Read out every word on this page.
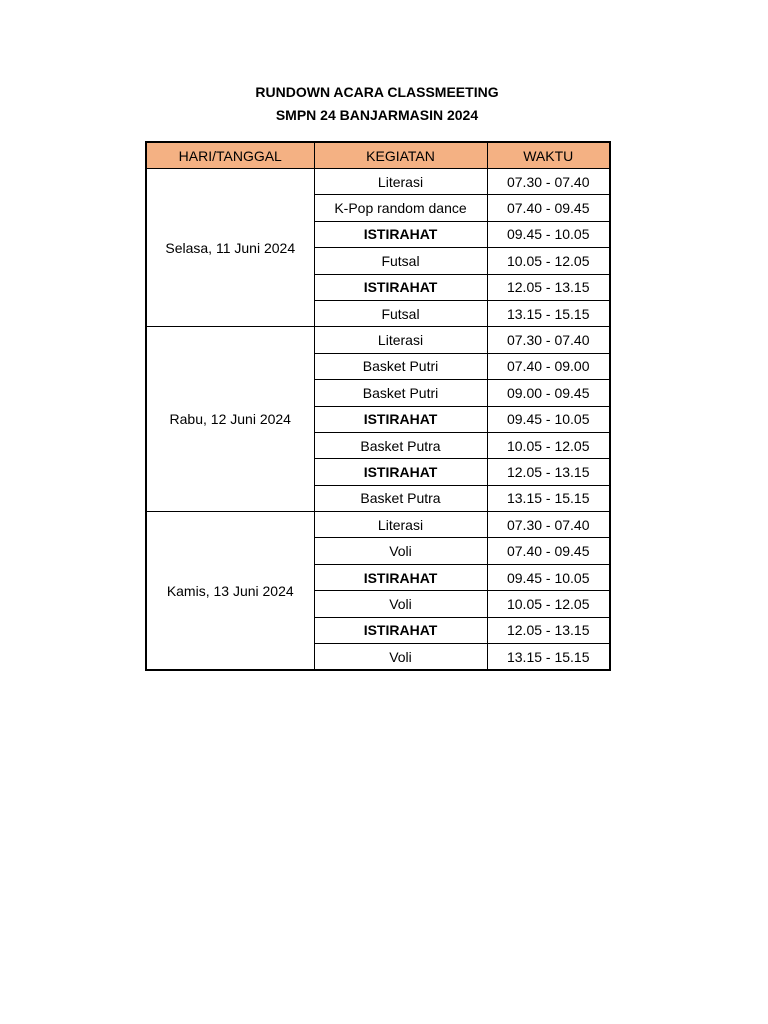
RUNDOWN ACARA CLASSMEETING
SMPN 24 BANJARMASIN 2024
HARI/TANGGAL	KEGIATAN	WAKTU
Selasa, 11 Juni 2024	Literasi	07.30 - 07.40
	K-Pop random dance	07.40 - 09.45
	ISTIRAHAT	09.45 - 10.05
	Futsal	10.05 - 12.05
	ISTIRAHAT	12.05 - 13.15
	Futsal	13.15 - 15.15
Rabu, 12 Juni 2024	Literasi	07.30 - 07.40
	Basket Putri	07.40 - 09.00
	Basket Putri	09.00 - 09.45
	ISTIRAHAT	09.45 - 10.05
	Basket Putra	10.05 - 12.05
	ISTIRAHAT	12.05 - 13.15
	Basket Putra	13.15 - 15.15
Kamis, 13 Juni 2024	Literasi	07.30 - 07.40
	Voli	07.40 - 09.45
	ISTIRAHAT	09.45 - 10.05
	Voli	10.05 - 12.05
	ISTIRAHAT	12.05 - 13.15
	Voli	13.15 - 15.15
